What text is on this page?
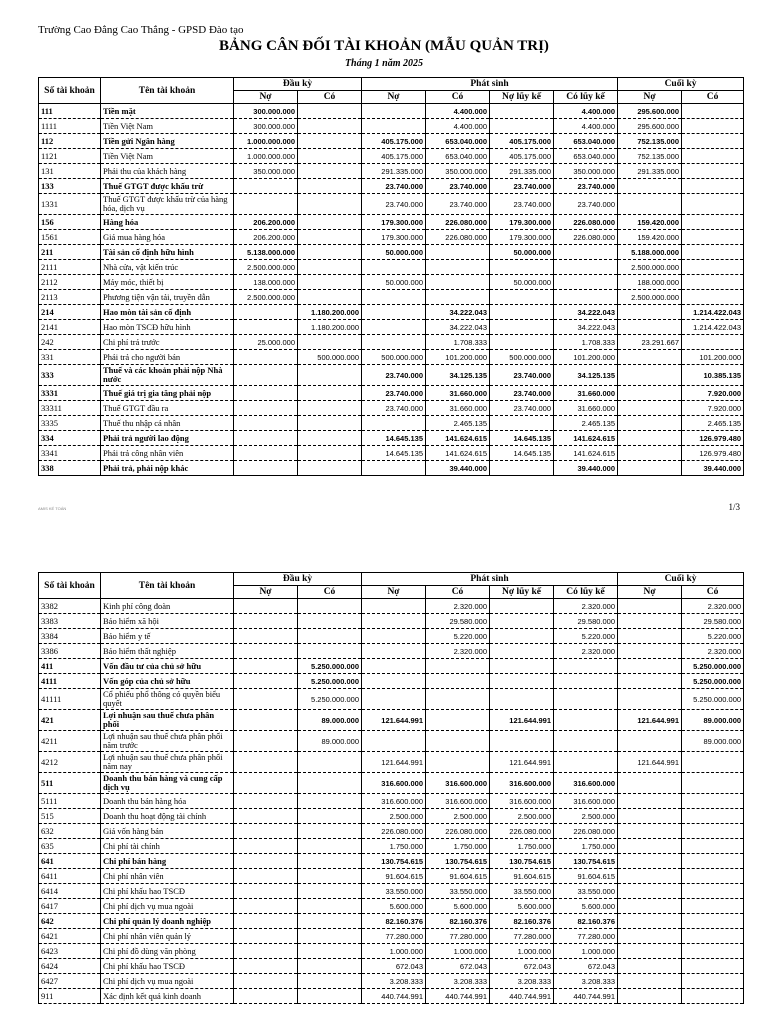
Trường Cao Đẳng Cao Thắng - GPSD Đào tạo
BẢNG CÂN ĐỐI TÀI KHOẢN (MẪU QUẢN TRỊ)
Tháng 1 năm 2025
Số tài khoản	Tên tài khoản	Đầu kỳ		Phát sinh				Cuối kỳ	
		Nợ	Có	Nợ	Có	Nợ lũy kế	Có lũy kế	Nợ	Có
111	Tiền mặt	300.000.000			4.400.000		4.400.000	295.600.000	
1111	Tiền Việt Nam	300.000.000			4.400.000		4.400.000	295.600.000	
112	Tiền gửi Ngân hàng	1.000.000.000		405.175.000	653.040.000	405.175.000	653.040.000	752.135.000	
1121	Tiền Việt Nam	1.000.000.000		405.175.000	653.040.000	405.175.000	653.040.000	752.135.000	
131	Phải thu của khách hàng	350.000.000		291.335.000	350.000.000	291.335.000	350.000.000	291.335.000	
133	Thuế GTGT được khấu trừ			23.740.000	23.740.000	23.740.000	23.740.000		
1331	Thuế GTGT được khấu trừ của hàng hóa, dịch vụ			23.740.000	23.740.000	23.740.000	23.740.000		
156	Hàng hóa	206.200.000		179.300.000	226.080.000	179.300.000	226.080.000	159.420.000	
1561	Giá mua hàng hóa	206.200.000		179.300.000	226.080.000	179.300.000	226.080.000	159.420.000	
211	Tài sản cố định hữu hình	5.138.000.000		50.000.000		50.000.000		5.188.000.000	
2111	Nhà cửa, vật kiến trúc	2.500.000.000						2.500.000.000	
2112	Máy móc, thiết bị	138.000.000		50.000.000		50.000.000		188.000.000	
2113	Phương tiện vận tải, truyền dẫn	2.500.000.000						2.500.000.000	
214	Hao mòn tài sản cố định		1.180.200.000		34.222.043		34.222.043		1.214.422.043
2141	Hao mòn TSCĐ hữu hình		1.180.200.000		34.222.043		34.222.043		1.214.422.043
242	Chi phí trả trước	25.000.000			1.708.333		1.708.333	23.291.667	
331	Phải trả cho người bán		500.000.000	500.000.000	101.200.000	500.000.000	101.200.000		101.200.000
333	Thuế và các khoản phải nộp Nhà nước			23.740.000	34.125.135	23.740.000	34.125.135		10.385.135
3331	Thuế giá trị gia tăng phải nộp			23.740.000	31.660.000	23.740.000	31.660.000		7.920.000
33311	Thuế GTGT đầu ra			23.740.000	31.660.000	23.740.000	31.660.000		7.920.000
3335	Thuế thu nhập cá nhân				2.465.135		2.465.135		2.465.135
334	Phải trả người lao động			14.645.135	141.624.615	14.645.135	141.624.615		126.979.480
3341	Phải trả công nhân viên			14.645.135	141.624.615	14.645.135	141.624.615		126.979.480
338	Phải trả, phải nộp khác				39.440.000		39.440.000		39.440.000
AMIS KẾ TOÁN	1/3
Số tài khoản	Tên tài khoản	Đầu kỳ		Phát sinh				Cuối kỳ	
		Nợ	Có	Nợ	Có	Nợ lũy kế	Có lũy kế	Nợ	Có
3382	Kinh phí công đoàn				2.320.000		2.320.000		2.320.000
3383	Bảo hiểm xã hội				29.580.000		29.580.000		29.580.000
3384	Bảo hiểm y tế				5.220.000		5.220.000		5.220.000
3386	Bảo hiểm thất nghiệp				2.320.000		2.320.000		2.320.000
411	Vốn đầu tư của chủ sở hữu		5.250.000.000						5.250.000.000
4111	Vốn góp của chủ sở hữu		5.250.000.000						5.250.000.000
41111	Cổ phiếu phổ thông có quyền biểu quyết		5.250.000.000						5.250.000.000
421	Lợi nhuận sau thuế chưa phân phối		89.000.000	121.644.991		121.644.991		121.644.991	89.000.000
4211	Lợi nhuận sau thuế chưa phân phối năm trước		89.000.000						89.000.000
4212	Lợi nhuận sau thuế chưa phân phối năm nay			121.644.991		121.644.991		121.644.991	
511	Doanh thu bán hàng và cung cấp dịch vụ			316.600.000	316.600.000	316.600.000	316.600.000		
5111	Doanh thu bán hàng hóa			316.600.000	316.600.000	316.600.000	316.600.000		
515	Doanh thu hoạt động tài chính			2.500.000	2.500.000	2.500.000	2.500.000		
632	Giá vốn hàng bán			226.080.000	226.080.000	226.080.000	226.080.000		
635	Chi phí tài chính			1.750.000	1.750.000	1.750.000	1.750.000		
641	Chi phí bán hàng			130.754.615	130.754.615	130.754.615	130.754.615		
6411	Chi phí nhân viên			91.604.615	91.604.615	91.604.615	91.604.615		
6414	Chi phí khấu hao TSCĐ			33.550.000	33.550.000	33.550.000	33.550.000		
6417	Chi phí dịch vụ mua ngoài			5.600.000	5.600.000	5.600.000	5.600.000		
642	Chi phí quản lý doanh nghiệp			82.160.376	82.160.376	82.160.376	82.160.376		
6421	Chi phí nhân viên quản lý			77.280.000	77.280.000	77.280.000	77.280.000		
6423	Chi phí đồ dùng văn phòng			1.000.000	1.000.000	1.000.000	1.000.000		
6424	Chi phí khấu hao TSCĐ			672.043	672.043	672.043	672.043		
6427	Chi phí dịch vụ mua ngoài			3.208.333	3.208.333	3.208.333	3.208.333		
911	Xác định kết quả kinh doanh			440.744.991	440.744.991	440.744.991	440.744.991		
